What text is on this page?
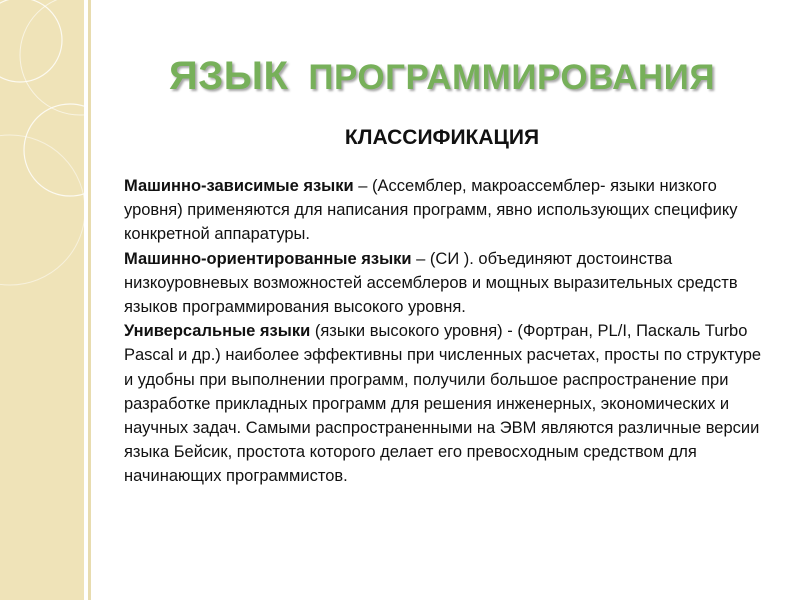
ЯЗЫК ПРОГРАММИРОВАНИЯ
КЛАССИФИКАЦИЯ

Машинно-зависимые языки – (Ассемблер, макроассемблер- языки низкого уровня) применяются для написания программ, явно использующих специфику конкретной аппаратуры.

Машинно-ориентированные языки – (СИ ). объединяют достоинства низкоуровневых возможностей ассемблеров и мощных выразительных средств языков программирования высокого уровня.

Универсальные языки (языки высокого уровня) - (Фортран, PL/I, Паскаль Turbo Pascal и др.) наиболее эффективны при численных расчетах, просты по структуре и удобны при выполнении программ, получили большое распространение при разработке прикладных программ для решения инженерных, экономических и научных задач. Самыми распространенными на ЭВМ являются различные версии языка Бейсик, простота которого делает его превосходным средством для начинающих программистов.
